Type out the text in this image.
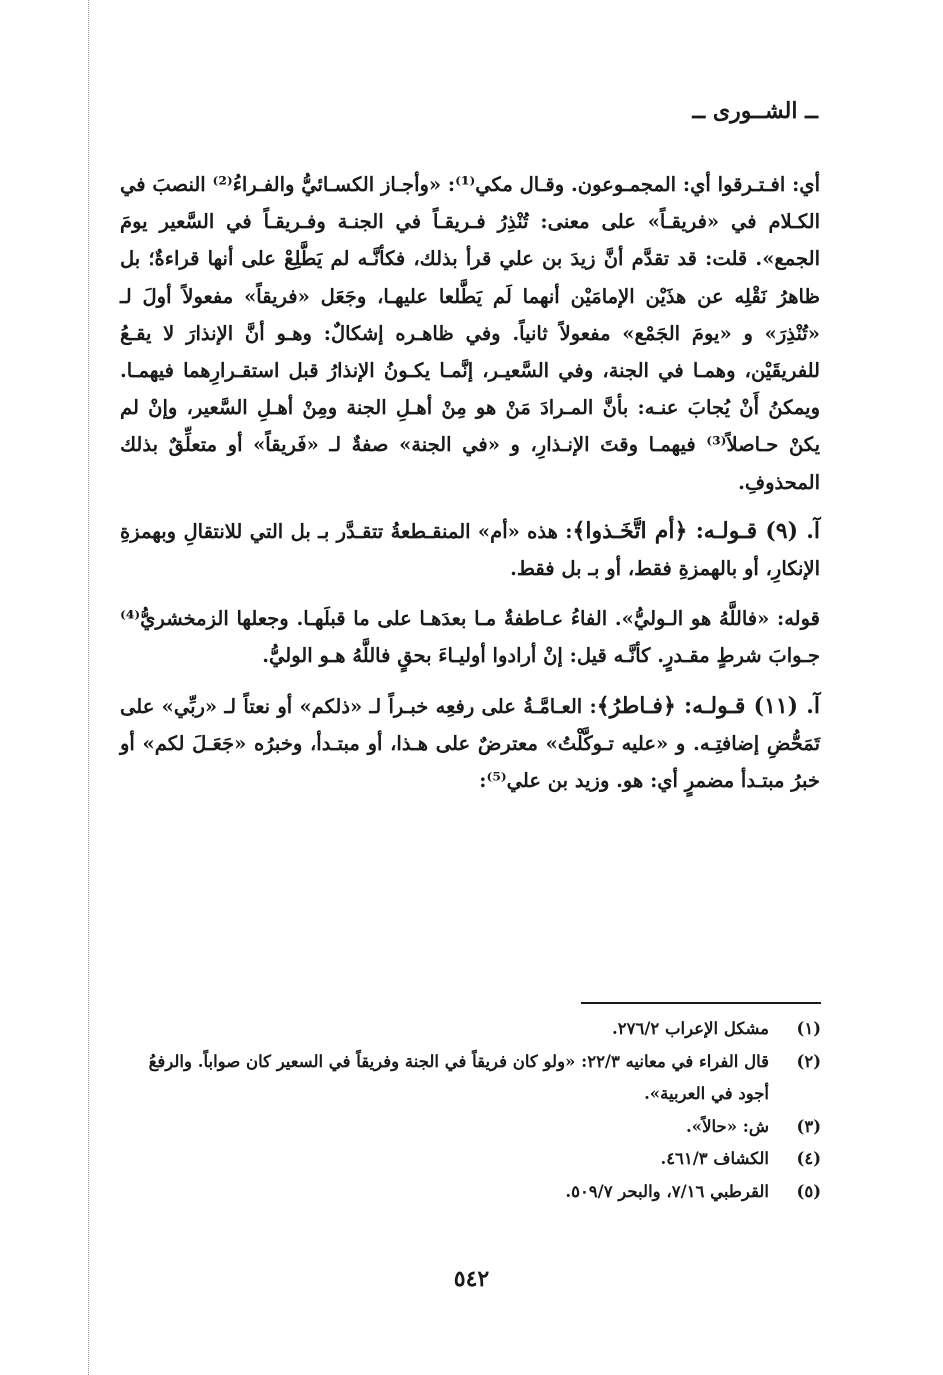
ــ الشــورى ــ

أي: افـتـرقوا أي: المجمـوعون. وقـال مكي⁽¹⁾: «وأجـاز الكسـائيُّ والفـراءُ⁽²⁾ النصبَ في الكـلام في «فريقـاً» على معنى: تُنْذِرُ فـريقـاً في الجنـة وفـريقـاً في السَّعير يومَ الجمع». قلت: قد تقدَّم أنَّ زيدَ بن علي قرأ بذلك، فكأنَّـه لم يَطَّلِعْ على أنها قراءةٌ؛ بل ظاهرُ نَقْلِه عن هذَيْن الإمامَيْن أنهما لَم يَطَّلعا عليهـا، وجَعَل «فريقاً» مفعولاً أولَ لـ «تُنْذِرَ» و «يومَ الجَمْع» مفعولاً ثانياً. وفي ظاهـره إشكالٌ: وهـو أنَّ الإنذارَ لا يقـعُ للفريقَيْن، وهمـا في الجنة، وفي السَّعيـر، إنَّمـا يكـونُ الإنذارُ قبل استقـرارِهما فيهمـا. ويمكنُ أَنْ يُجابَ عنـه: بأنَّ المـرادَ مَنْ هو مِنْ أهـلِ الجنة ومِنْ أهـلِ السَّعير، وإنْ لم يكنْ حـاصلاً⁽³⁾ فيهمـا وقتَ الإنـذارِ، و «في الجنة» صفةٌ لـ «فَريقاً» أو متعلِّقٌ بذلك المحذوفِ.

آ. (٩) قـولـه: ﴿أم اتَّخَـذوا﴾: هذه «أم» المنقـطعةُ تتقـدَّر بـ بل التي للانتقالِ وبهمزةِ الإنكارِ، أو بالهمزةِ فقط، أو بـ بل فقط.

قوله: «فاللَّهُ هو الـوليُّ». الفاءُ عـاطفةٌ مـا بعدَهـا على ما قبلَهـا. وجعلها الزمخشريُّ⁽⁴⁾ جـوابَ شرطٍ مقـدرٍ. كأنَّـه قيل: إنْ أرادوا أوليـاءَ بحقٍ فاللَّهُ هـو الوليُّ.

آ. (١١) قـولـه: ﴿فـاطرُ﴾: العـامَّـةُ على رفعِه خبـراً لـ «ذلكم» أو نعتاً لـ «ربِّي» على تَمَحُّضِ إضافتِـه. و «عليه تـوكَّلْتُ» معترضٌ على هـذا، أو مبتـدأ، وخبرُه «جَعَـلَ لكم» أو خبرُ مبتـدأ مضمرٍ أي: هو. وزيد بن علي⁽⁵⁾:

(١)
مشكل الإعراب ٢٧٦/٢.
(٢)
قال الفراء في معانيه ٢٢/٣: «ولو كان فريقاً في الجنة وفريقاً في السعير كان صواباً. والرفعُ أجود في العربية».
(٣)
ش: «حالاً».
(٤)
الكشاف ٤٦١/٣.
(٥)
القرطبي ٧/١٦، والبحر ٥٠٩/٧.
٥٤٢
